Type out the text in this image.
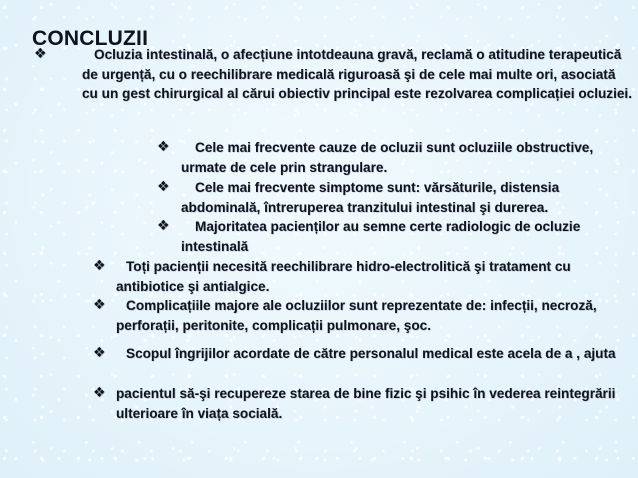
CONCLUZII
❖	Ocluzia intestinală, o afecțiune intotdeauna gravă, reclamă o atitudine terapeutică de urgență, cu o reechilibrare medicală riguroasă şi de cele mai multe ori, asociată cu un gest chirurgical al cărui obiectiv principal este rezolvarea complicației ocluziei.
❖	Cele mai frecvente cauze de ocluzii sunt ocluziile obstructive, urmate de cele prin strangulare.
❖	Cele mai frecvente simptome sunt: vărsăturile, distensia abdominală, întreruperea tranzitului intestinal şi durerea.
❖	Majoritatea pacienților au semne certe radiologic de ocluzie intestinală
❖	Toți pacienții necesită reechilibrare hidro-electrolitică şi tratament cu antibiotice şi antialgice.
❖	Complicațiile majore ale ocluziilor sunt reprezentate de: infecții, necroză, perforații, peritonite, complicații pulmonare, şoc.
❖	Scopul îngrijilor acordate de către personalul medical este acela de a , ajuta
❖ pacientul să-şi recupereze starea de bine fizic şi psihic în vederea reintegrării ulterioare în viața socială.
